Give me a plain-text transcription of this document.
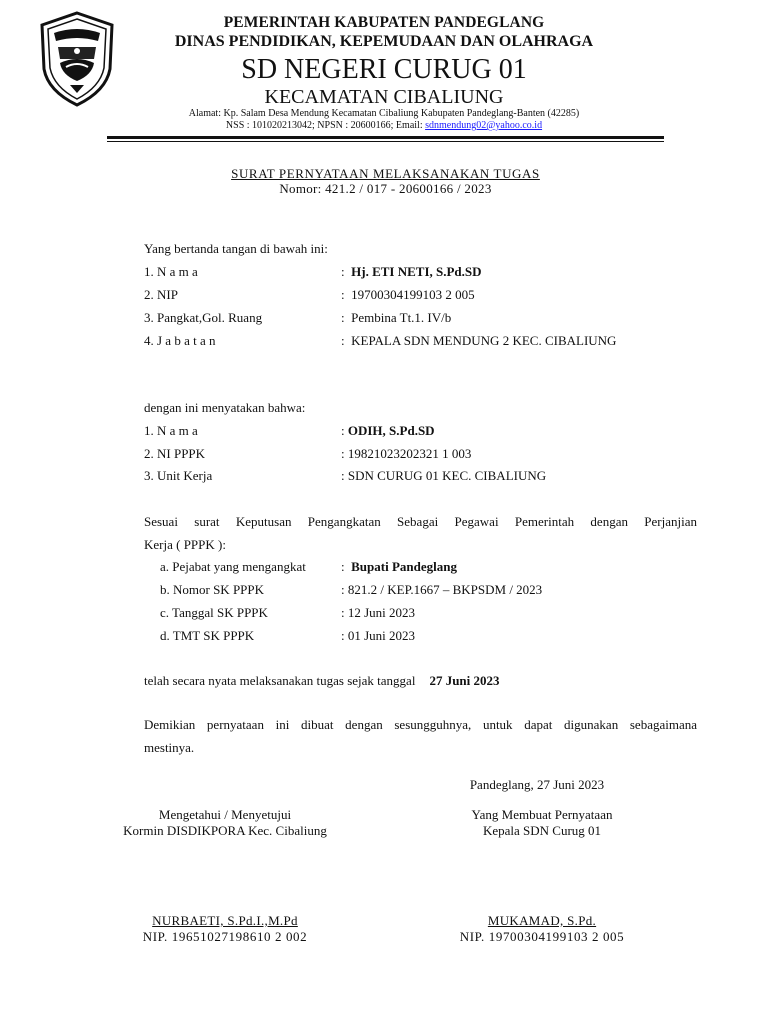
PEMERINTAH KABUPATEN PANDEGLANG
DINAS PENDIDIKAN, KEPEMUDAAN DAN OLAHRAGA
SD NEGERI CURUG 01
KECAMATAN CIBALIUNG
Alamat: Kp. Salam Desa Mendung Kecamatan Cibaliung Kabupaten Pandeglang-Banten (42285)
NSS : 101020213042; NPSN : 20600166; Email: sdnmendung02@yahoo.co.id
SURAT PERNYATAAN MELAKSANAKAN TUGAS
Nomor: 421.2 / 017 - 20600166 / 2023
Yang bertanda tangan di bawah ini:
1. N a m a	: Hj. ETI NETI, S.Pd.SD
2. NIP	: 19700304199103 2 005
3. Pangkat,Gol. Ruang	: Pembina Tt.1. IV/b
4. J a b a t a n	: KEPALA SDN MENDUNG 2 KEC. CIBALIUNG
dengan ini menyatakan bahwa:
1. N a m a	: ODIH, S.Pd.SD
2. NI PPPK	: 19821023202321 1 003
3. Unit Kerja	: SDN CURUG 01 KEC. CIBALIUNG
Sesuai surat Keputusan Pengangkatan Sebagai Pegawai Pemerintah dengan Perjanjian
Kerja ( PPPK ):
a. Pejabat yang mengangkat	: Bupati Pandeglang
b. Nomor SK PPPK	: 821.2 / KEP.1667 – BKPSDM / 2023
c. Tanggal SK PPPK	: 12 Juni 2023
d. TMT SK PPPK	: 01 Juni 2023
telah secara nyata melaksanakan tugas sejak tanggal 27 Juni 2023
Demikian pernyataan ini dibuat dengan sesungguhnya, untuk dapat digunakan sebagaimana
mestinya.
Pandeglang, 27 Juni 2023
Mengetahui / Menyetujui
Kormin DISDIKPORA Kec. Cibaliung
Yang Membuat Pernyataan
Kepala SDN Curug 01
NURBAETI, S.Pd.I.,M.Pd
NIP. 19651027198610 2 002
MUKAMAD, S.Pd.
NIP. 19700304199103 2 005
